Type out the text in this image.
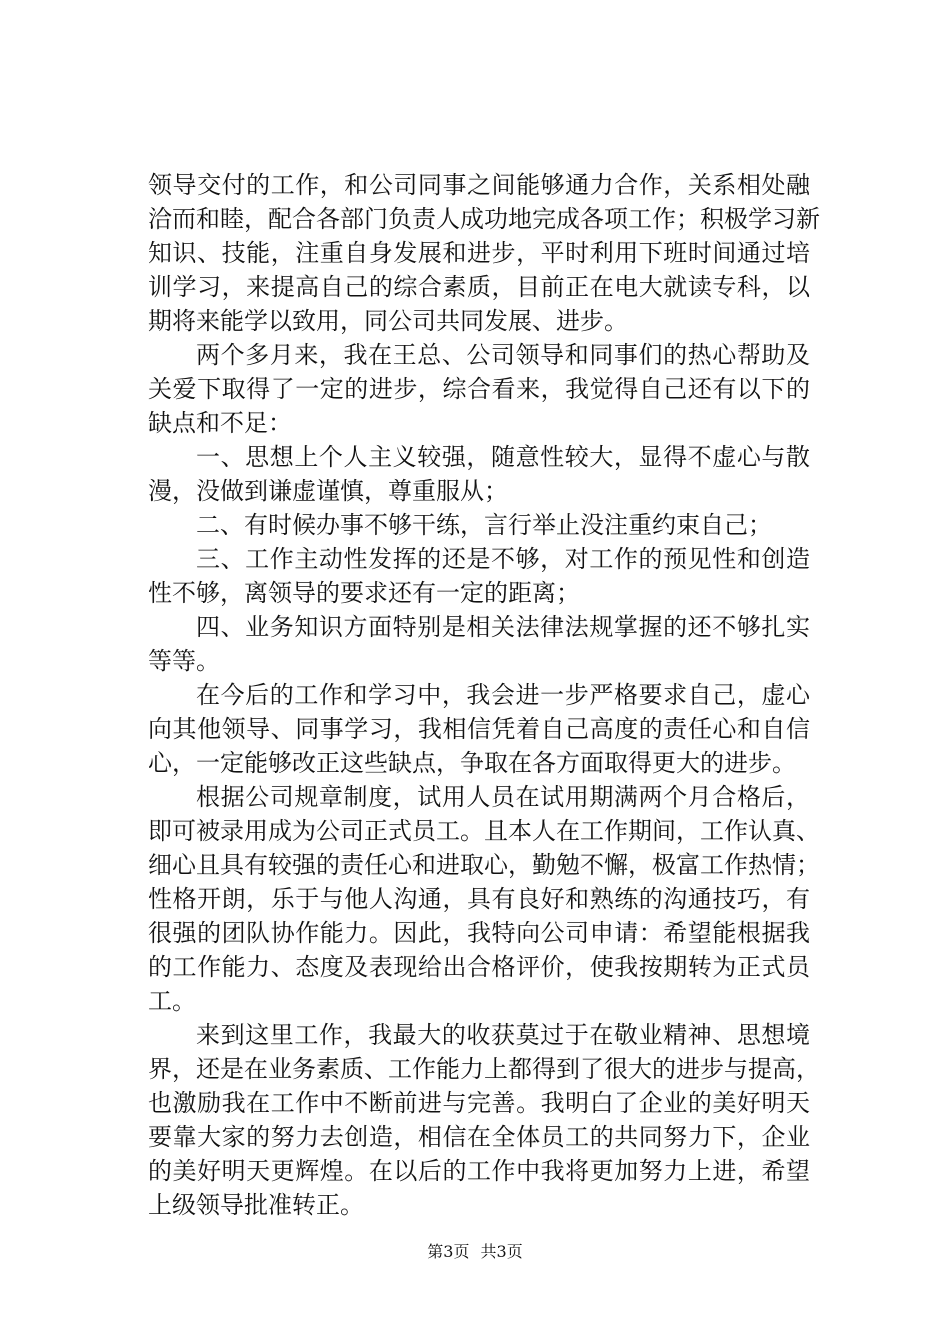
领导交付的工作，和公司同事之间能够通力合作，关系相处融
洽而和睦，配合各部门负责人成功地完成各项工作；积极学习新
知识、技能，注重自身发展和进步，平时利用下班时间通过培
训学习，来提高自己的综合素质，目前正在电大就读专科，以
期将来能学以致用，同公司共同发展、进步。
两个多月来，我在王总、公司领导和同事们的热心帮助及
关爱下取得了一定的进步，综合看来，我觉得自己还有以下的
缺点和不足：
一、思想上个人主义较强，随意性较大，显得不虚心与散
漫，没做到谦虚谨慎，尊重服从；
二、有时候办事不够干练，言行举止没注重约束自己；
三、工作主动性发挥的还是不够，对工作的预见性和创造
性不够，离领导的要求还有一定的距离；
四、业务知识方面特别是相关法律法规掌握的还不够扎实
等等。
在今后的工作和学习中，我会进一步严格要求自己，虚心
向其他领导、同事学习，我相信凭着自己高度的责任心和自信
心，一定能够改正这些缺点，争取在各方面取得更大的进步。
根据公司规章制度，试用人员在试用期满两个月合格后，
即可被录用成为公司正式员工。且本人在工作期间，工作认真、
细心且具有较强的责任心和进取心，勤勉不懈，极富工作热情；
性格开朗，乐于与他人沟通，具有良好和熟练的沟通技巧，有
很强的团队协作能力。因此，我特向公司申请：希望能根据我
的工作能力、态度及表现给出合格评价，使我按期转为正式员
工。
来到这里工作，我最大的收获莫过于在敬业精神、思想境
界，还是在业务素质、工作能力上都得到了很大的进步与提高，
也激励我在工作中不断前进与完善。我明白了企业的美好明天
要靠大家的努力去创造，相信在全体员工的共同努力下，企业
的美好明天更辉煌。在以后的工作中我将更加努力上进，希望
上级领导批准转正。
第3页 共3页
